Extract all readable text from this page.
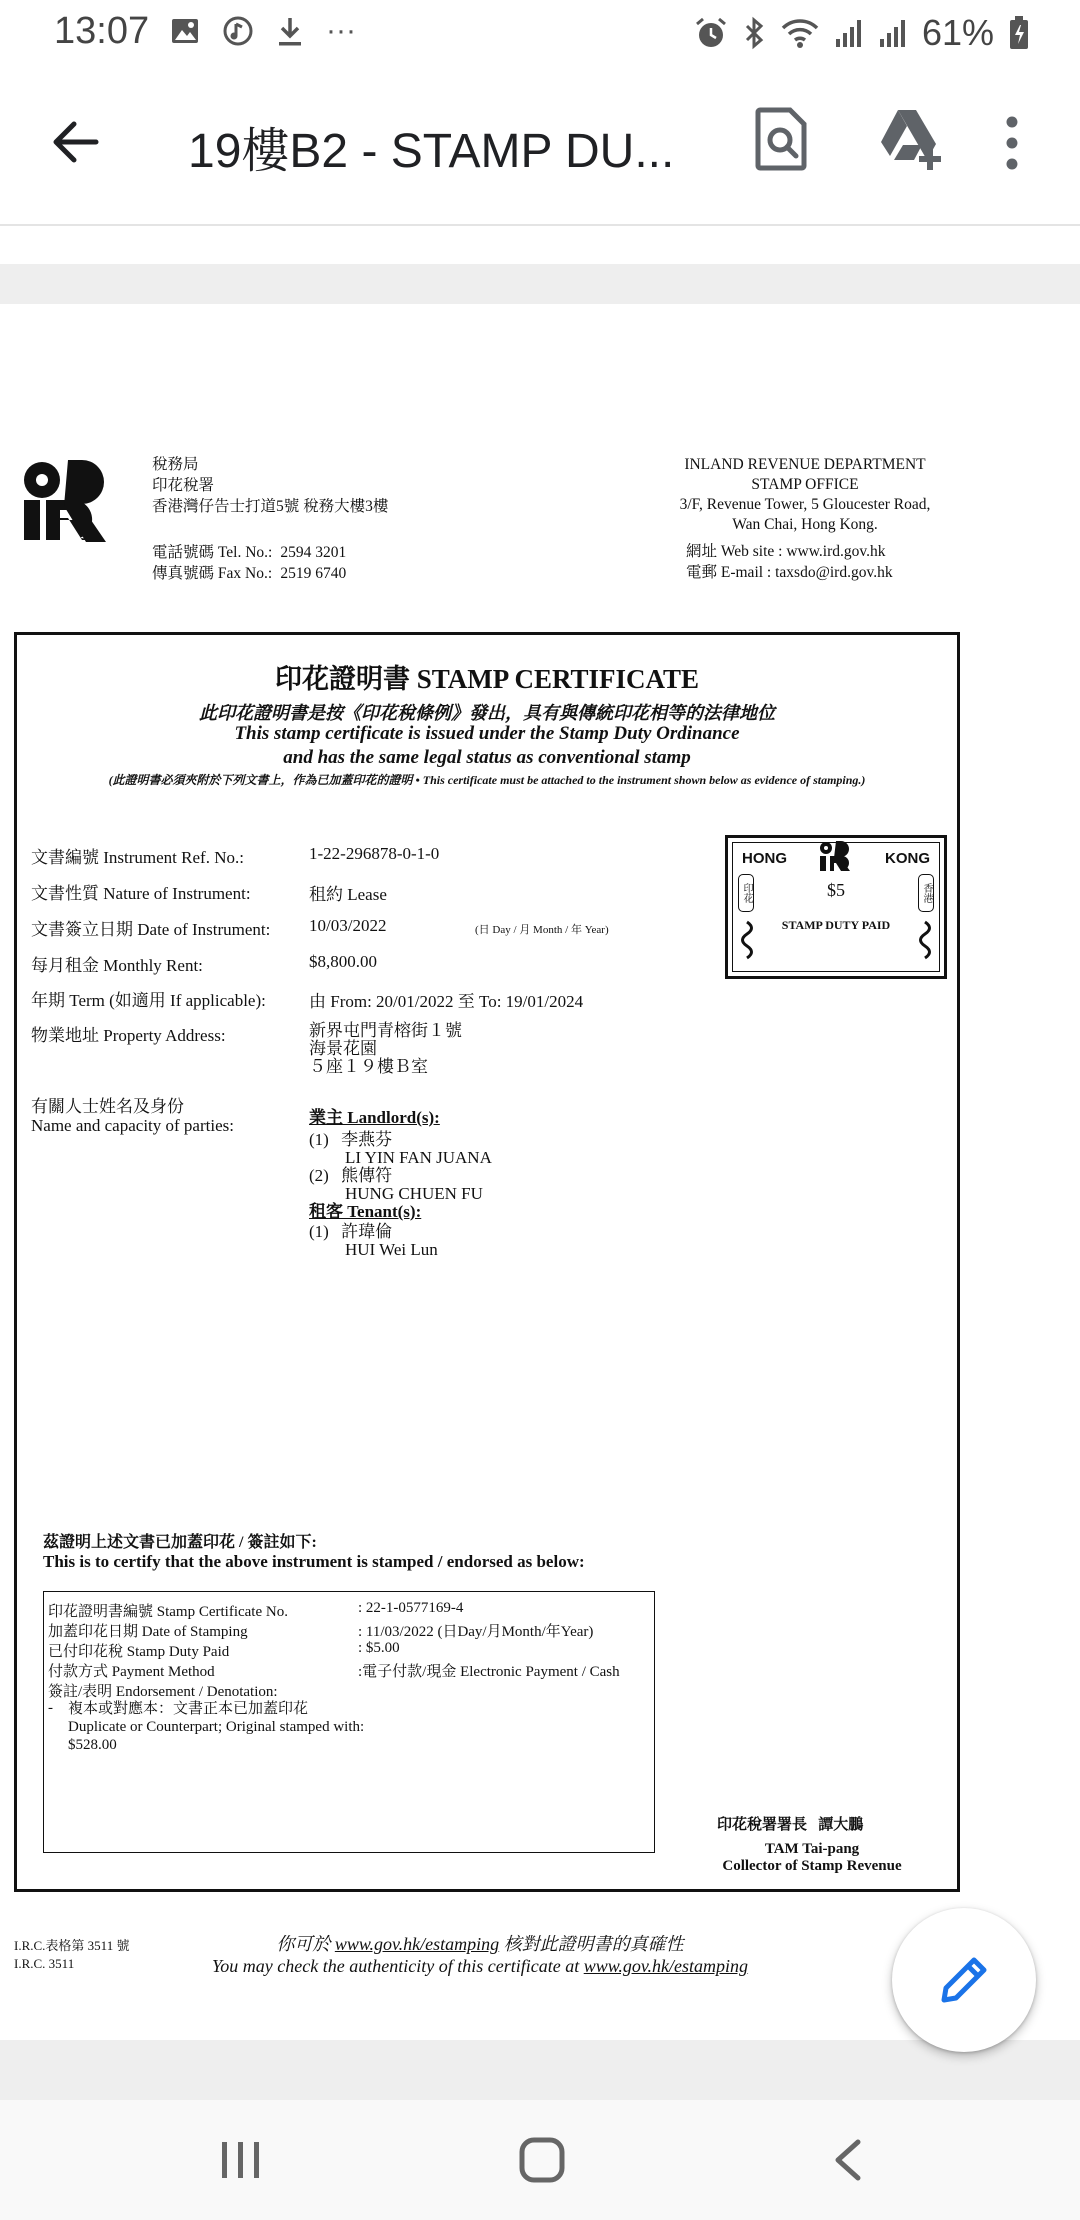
13:07	···	61%
19樓B2 - STAMP DU...
稅務局
印花稅署
香港灣仔告士打道5號 稅務大樓3樓
電話號碼 Tel. No.:	2594 3201
傳真號碼 Fax No.:	2519 6740
INLAND REVENUE DEPARTMENT
STAMP OFFICE
3/F, Revenue Tower, 5 Gloucester Road,
Wan Chai, Hong Kong.
網址 Web site : www.ird.gov.hk
電郵 E-mail : taxsdo@ird.gov.hk
印花證明書 STAMP CERTIFICATE
此印花證明書是按《印花稅條例》發出，具有與傳統印花相等的法律地位
This stamp certificate is issued under the Stamp Duty Ordinance
and has the same legal status as conventional stamp
(此證明書必須夾附於下列文書上，作為已加蓋印花的證明 • This certificate must be attached to the instrument shown below as evidence of stamping.)
文書編號 Instrument Ref. No.:	1-22-296878-0-1-0
文書性質 Nature of Instrument:	租約 Lease
文書簽立日期 Date of Instrument: 10/03/2022	(日 Day / 月 Month / 年 Year)
每月租金 Monthly Rent:	$8,800.00
年期 Term (如適用 If applicable):	由 From: 20/01/2022 至 To: 19/01/2024
物業地址 Property Address:	新界屯門青榕街１號
海景花園
５座１９樓Ｂ室
有關人士姓名及身份
Name and capacity of parties:	業主 Landlord(s):
(1) 李燕芬
LI YIN FAN JUANA
(2) 熊傳符
HUNG CHUEN FU
租客 Tenant(s):
(1) 許瑋倫
HUI Wei Lun
HONG	KONG
$5
STAMP DUTY PAID
印花	香港
茲證明上述文書已加蓋印花 / 簽註如下:
This is to certify that the above instrument is stamped / endorsed as below:
印花證明書編號 Stamp Certificate No.	: 22-1-0577169-4
加蓋印花日期 Date of Stamping	: 11/03/2022 (日Day/月Month/年Year)
已付印花稅 Stamp Duty Paid	: $5.00
付款方式 Payment Method	:電子付款/現金 Electronic Payment / Cash
簽註/表明 Endorsement / Denotation:
- 複本或對應本：文書正本已加蓋印花
Duplicate or Counterpart; Original stamped with:
$528.00
印花稅署署長   譚大鵬
TAM Tai-pang
Collector of Stamp Revenue
I.R.C.表格第 3511 號
I.R.C. 3511
你可於 www.gov.hk/estamping 核對此證明書的真確性
You may check the authenticity of this certificate at www.gov.hk/estamping
